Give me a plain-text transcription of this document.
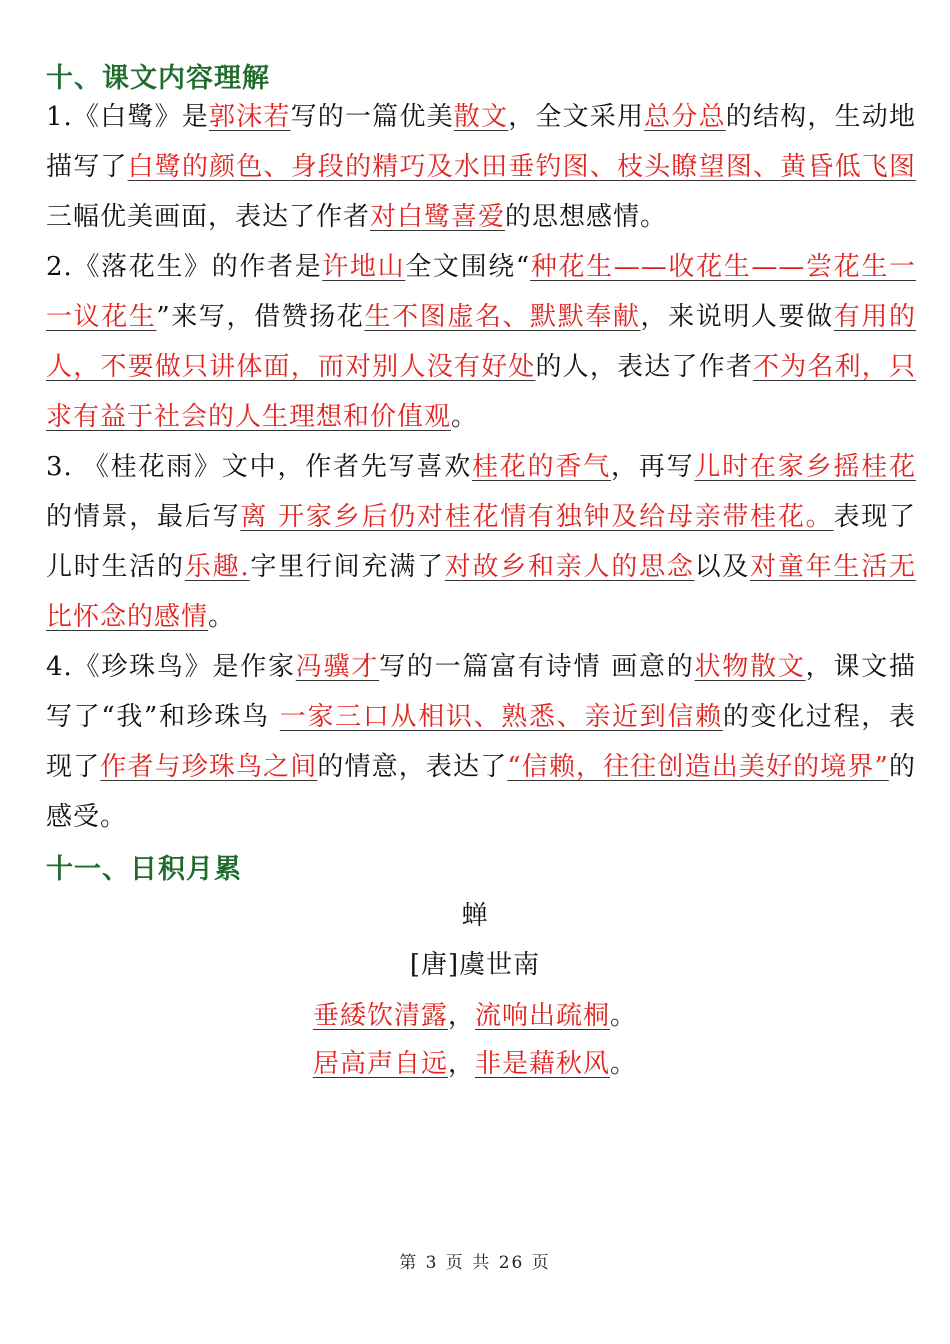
十、课文内容理解
1.《白鹭》是郭沫若写的一篇优美散文，全文采用总分总的结构，生动地描写了白鹭的颜色、身段的精巧及水田垂钓图、枝头瞭望图、黄昏低飞图三幅优美画面，表达了作者对白鹭喜爱的思想感情。
2.《落花生》的作者是许地山全文围绕“种花生——收花生——尝花生一一议花生”来写，借赞扬花生不图虚名、默默奉献，来说明人要做有用的人，不要做只讲体面，而对别人没有好处的人，表达了作者不为名利，只求有益于社会的人生理想和价值观。
3. 《桂花雨》文中，作者先写喜欢桂花的香气，再写儿时在家乡摇桂花的情景，最后写离 开家乡后仍对桂花情有独钟及给母亲带桂花。表现了儿时生活的乐趣.字里行间充满了对故乡和亲人的思念以及对童年生活无比怀念的感情。
4.《珍珠鸟》是作家冯骥才写的一篇富有诗情 画意的状物散文，课文描写了“我”和珍珠鸟 一家三口从相识、熟悉、亲近到信赖的变化过程，表现了作者与珍珠鸟之间的情意，表达了“信赖，往往创造出美好的境界”的感受。
十一、日积月累
蝉
[唐]虞世南
垂緌饮清露，流响出疏桐。
居高声自远，非是藉秋风。
第 3 页 共 26 页
